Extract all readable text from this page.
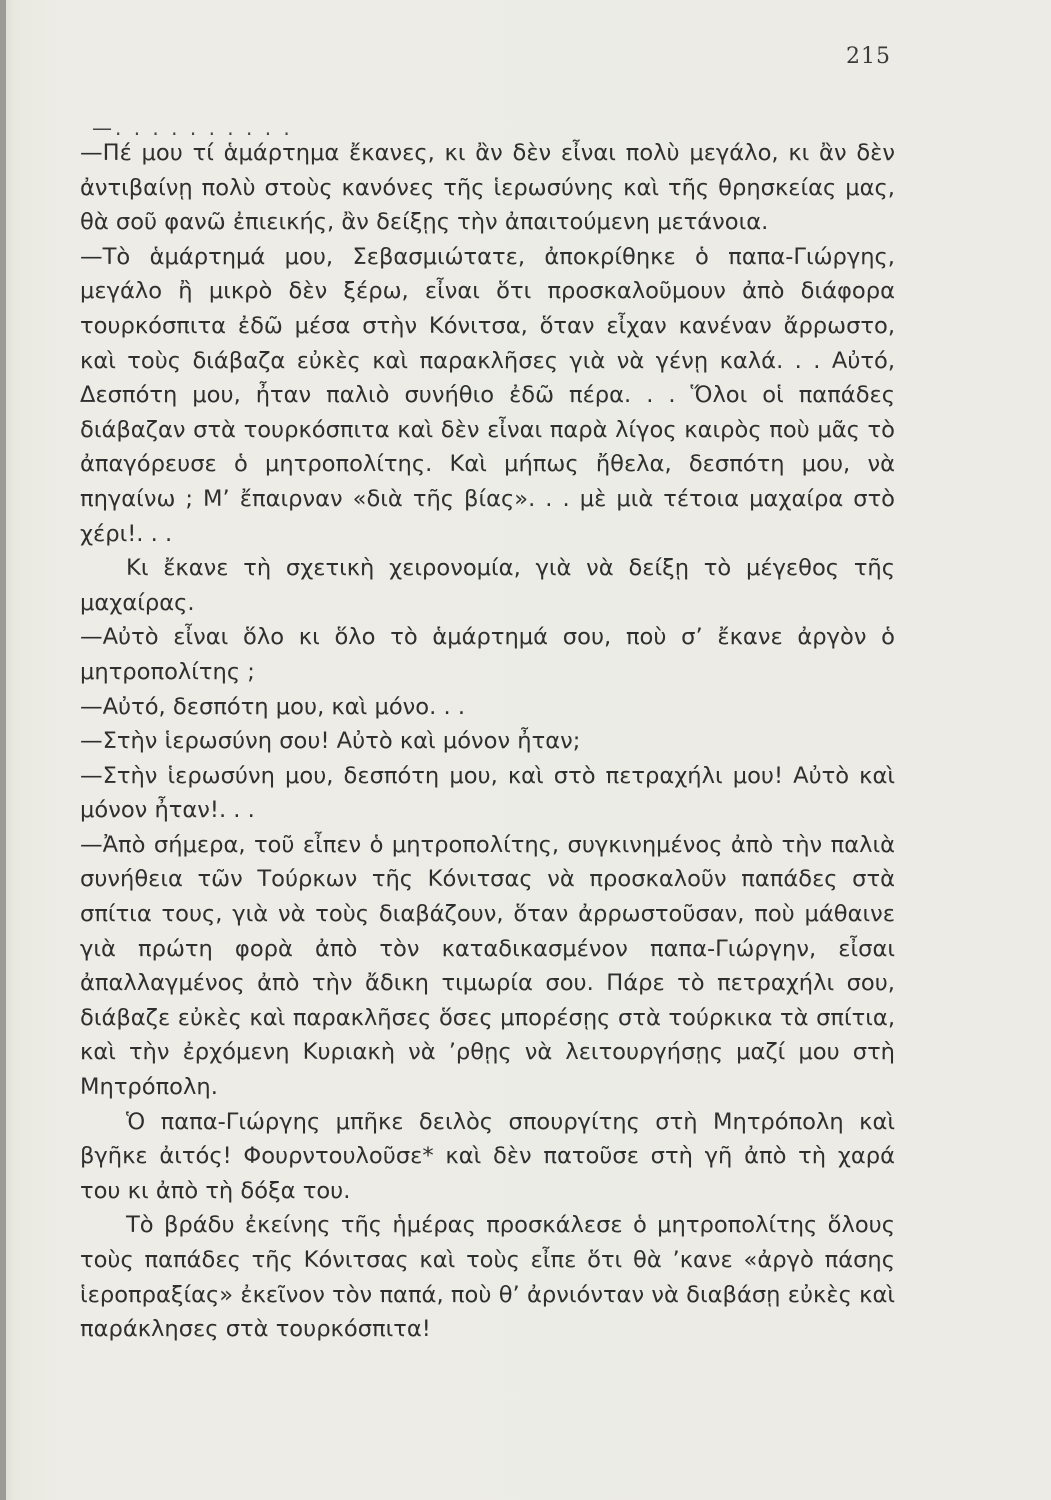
215
—. . . . . . . . . .

—Πέ μου τί ἁμάρτημα ἔκανες, κι ἂν δὲν εἶναι πολὺ μεγάλο, κι ἂν δὲν ἀντιβαίνῃ πολὺ στοὺς κανόνες τῆς ἱερωσύνης καὶ τῆς θρησκείας μας, θὰ σοῦ φανῶ ἐπιεικής, ἂν δείξῃς τὴν ἀπαιτούμενη μετάνοια.

—Τὸ ἁμάρτημά μου, Σεβασμιώτατε, ἀποκρίθηκε ὁ παπα-Γιώργης, μεγάλο ἢ μικρὸ δὲν ξέρω, εἶναι ὅτι προσκαλοῦμουν ἀπὸ διάφορα τουρκόσπιτα ἐδῶ μέσα στὴν Κόνιτσα, ὅταν εἶχαν κανέναν ἄρρωστο, καὶ τοὺς διάβαζα εὐκὲς καὶ παρακλῆσες γιὰ νὰ γένῃ καλά. . . Αὐτό, Δεσπότη μου, ἦταν παλιὸ συνήθιο ἐδῶ πέρα. . . Ὅλοι οἱ παπάδες διάβαζαν στὰ τουρκόσπιτα καὶ δὲν εἶναι παρὰ λίγος καιρὸς ποὺ μᾶς τὸ ἀπαγόρευσε ὁ μητροπολίτης. Καὶ μήπως ἤθελα, δεσπότη μου, νὰ πηγαίνω ; Μ’ ἔπαιρναν «διὰ τῆς βίας». . . μὲ μιὰ τέτοια μαχαίρα στὸ χέρι!. . .

Κι ἔκανε τὴ σχετικὴ χειρονομία, γιὰ νὰ δείξῃ τὸ μέγεθος τῆς μαχαίρας.

—Αὐτὸ εἶναι ὅλο κι ὅλο τὸ ἁμάρτημά σου, ποὺ σ’ ἔκανε ἀργὸν ὁ μητροπολίτης ;

—Αὐτό, δεσπότη μου, καὶ μόνο. . .

—Στὴν ἱερωσύνη σου! Αὐτὸ καὶ μόνον ἦταν;

—Στὴν ἱερωσύνη μου, δεσπότη μου, καὶ στὸ πετραχήλι μου! Αὐτὸ καὶ μόνον ἦταν!. . .

—Ἀπὸ σήμερα, τοῦ εἶπεν ὁ μητροπολίτης, συγκινημένος ἀπὸ τὴν παλιὰ συνήθεια τῶν Τούρκων τῆς Κόνιτσας νὰ προσκαλοῦν παπάδες στὰ σπίτια τους, γιὰ νὰ τοὺς διαβάζουν, ὅταν ἀρρωστοῦσαν, ποὺ μάθαινε γιὰ πρώτη φορὰ ἀπὸ τὸν καταδικασμένον παπα-Γιώργην, εἶσαι ἀπαλλαγμένος ἀπὸ τὴν ἄδικη τιμωρία σου. Πάρε τὸ πετραχήλι σου, διάβαζε εὐκὲς καὶ παρακλῆσες ὅσες μπορέσῃς στὰ τούρκικα τὰ σπίτια, καὶ τὴν ἐρχόμενη Κυριακὴ νὰ ’ρθῃς νὰ λειτουργήσῃς μαζί μου στὴ Μητρόπολη.

Ὁ παπα-Γιώργης μπῆκε δειλὸς σπουργίτης στὴ Μητρόπολη καὶ βγῆκε ἀιτός! Φουρντουλοῦσε* καὶ δὲν πατοῦσε στὴ γῆ ἀπὸ τὴ χαρά του κι ἀπὸ τὴ δόξα του.

Τὸ βράδυ ἐκείνης τῆς ἡμέρας προσκάλεσε ὁ μητροπολίτης ὅλους τοὺς παπάδες τῆς Κόνιτσας καὶ τοὺς εἶπε ὅτι θὰ ’κανε «ἀργὸ πάσης ἱεροπραξίας» ἐκεῖνον τὸν παπά, ποὺ θ’ ἀρνιόνταν νὰ διαβάσῃ εὐκὲς καὶ παράκλησες στὰ τουρκόσπιτα!
